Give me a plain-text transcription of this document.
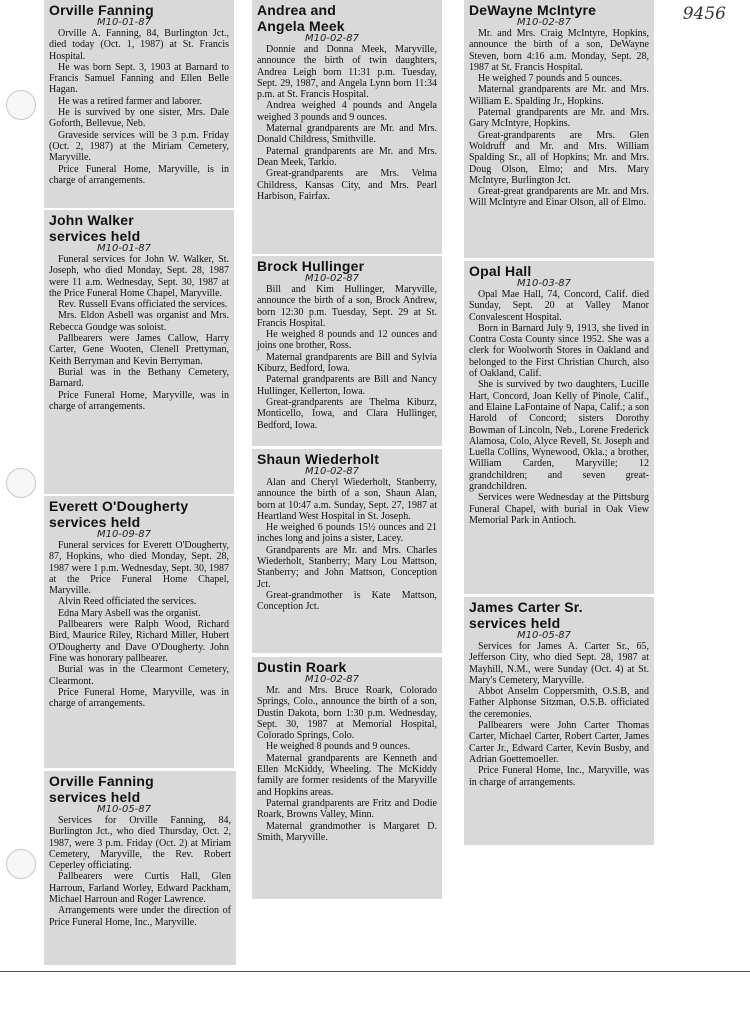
9456
Orville Fanning
M10-01-87

Orville A. Fanning, 84, Burlington Jct., died today (Oct. 1, 1987) at St. Francis Hospital.

He was born Sept. 3, 1903 at Barnard to Francis Samuel Fanning and Ellen Belle Hagan.

He was a retired farmer and laborer.

He is survived by one sister, Mrs. Dale Goforth, Bellevue, Neb.

Graveside services will be 3 p.m. Friday (Oct. 2, 1987) at the Miriam Cemetery, Maryville.

Price Funeral Home, Maryville, is in charge of arrangements.

John Walker
services held
M10-01-87

Funeral services for John W. Walker, St. Joseph, who died Monday, Sept. 28, 1987 were 11 a.m. Wednesday, Sept. 30, 1987 at the Price Funeral Home Chapel, Maryville.

Rev. Russell Evans officiated the services.

Mrs. Eldon Asbell was organist and Mrs. Rebecca Goudge was soloist.

Pallbearers were James Callow, Harry Carter, Gene Wooten, Clenell Prettyman, Keith Berryman and Kevin Berryman.

Burial was in the Bethany Cemetery, Barnard.

Price Funeral Home, Maryville, was in charge of arrangements.

Everett O'Dougherty
services held
M10-09-87

Funeral services for Everett O'Dougherty, 87, Hopkins, who died Monday, Sept. 28, 1987 were 1 p.m. Wednesday, Sept. 30, 1987 at the Price Funeral Home Chapel, Maryville.

Alvin Reed officiated the services.

Edna Mary Asbell was the organist.

Pallbearers were Ralph Wood, Richard Bird, Maurice Riley, Richard Miller, Hubert O'Dougherty and Dave O'Dougherty. John Fine was honorary pallbearer.

Burial was in the Clearmont Cemetery, Clearmont.

Price Funeral Home, Maryville, was in charge of arrangements.

Orville Fanning
services held
M10-05-87

Services for Orville Fanning, 84, Burlington Jct., who died Thursday, Oct. 2, 1987, were 3 p.m. Friday (Oct. 2) at Miriam Cemetery, Maryville, the Rev. Robert Ceperley officiating.

Pallbearers were Curtis Hall, Glen Harroun, Farland Worley, Edward Packham, Michael Harroun and Roger Lawrence.

Arrangements were under the direction of Price Funeral Home, Inc., Maryville.

Andrea and
Angela Meek
M10-02-87

Donnie and Donna Meek, Maryville, announce the birth of twin daughters, Andrea Leigh born 11:31 p.m. Tuesday, Sept. 29, 1987, and Angela Lynn born 11:34 p.m. at St. Francis Hospital.

Andrea weighed 4 pounds and Angela weighed 3 pounds and 9 ounces.

Maternal grandparents are Mr. and Mrs. Donald Childress, Smithville.

Paternal grandparents are Mr. and Mrs. Dean Meek, Tarkio.

Great-grandparents are Mrs. Velma Childress, Kansas City, and Mrs. Pearl Harbison, Fairfax.

Brock Hullinger
M10-02-87

Bill and Kim Hullinger, Maryville, announce the birth of a son, Brock Andrew, born 12:30 p.m. Tuesday, Sept. 29 at St. Francis Hospital.

He weighed 8 pounds and 12 ounces and joins one brother, Ross.

Maternal grandparents are Bill and Sylvia Kiburz, Bedford, Iowa.

Paternal grandparents are Bill and Nancy Hullinger, Kellerton, Iowa.

Great-grandparents are Thelma Kiburz, Monticello, Iowa, and Clara Hullinger, Bedford, Iowa.

Shaun Wiederholt
M10-02-87

Alan and Cheryl Wiederholt, Stanberry, announce the birth of a son, Shaun Alan, born at 10:47 a.m. Sunday, Sept. 27, 1987 at Heartland West Hospital in St. Joseph.

He weighed 6 pounds 15½ ounces and 21 inches long and joins a sister, Lacey.

Grandparents are Mr. and Mrs. Charles Wiederholt, Stanberry; Mary Lou Mattson, Stanberry; and John Mattson, Conception Jct.

Great-grandmother is Kate Mattson, Conception Jct.

Dustin Roark
M10-02-87

Mr. and Mrs. Bruce Roark, Colorado Springs, Colo., announce the birth of a son, Dustin Dakota, born 1:30 p.m. Wednesday, Sept. 30, 1987 at Memorial Hospital, Colorado Springs, Colo.

He weighed 8 pounds and 9 ounces.

Maternal grandparents are Kenneth and Ellen McKiddy, Wheeling. The McKiddy family are former residents of the Maryville and Hopkins areas.

Paternal grandparents are Fritz and Dodie Roark, Browns Valley, Minn.

Maternal grandmother is Margaret D. Smith, Maryville.

DeWayne McIntyre
M10-02-87

Mr. and Mrs. Craig McIntyre, Hopkins, announce the birth of a son, DeWayne Steven, born 4:16 a.m. Monday, Sept. 28, 1987 at St. Francis Hospital.

He weighed 7 pounds and 5 ounces.

Maternal grandparents are Mr. and Mrs. William E. Spalding Jr., Hopkins.

Paternal grandparents are Mr. and Mrs. Gary McIntyre, Hopkins.

Great-grandparents are Mrs. Glen Woldruff and Mr. and Mrs. William Spalding Sr., all of Hopkins; Mr. and Mrs. Doug Olson, Elmo; and Mrs. Mary McIntyre, Burlington Jct.

Great-great grandparents are Mr. and Mrs. Will McIntyre and Einar Olson, all of Elmo.

Opal Hall
M10-03-87

Opal Mae Hall, 74, Concord, Calif. died Sunday, Sept. 20 at Valley Manor Convalescent Hospital.

Born in Barnard July 9, 1913, she lived in Contra Costa County since 1952. She was a clerk for Woolworth Stores in Oakland and belonged to the First Christian Church, also of Oakland, Calif.

She is survived by two daughters, Lucille Hart, Concord, Joan Kelly of Pinole, Calif., and Elaine LaFontaine of Napa, Calif.; a son Harold of Concord; sisters Dorothy Bowman of Lincoln, Neb., Lorene Frederick Alamosa, Colo, Alyce Revell, St. Joseph and Luella Collins, Wynewood, Okla.; a brother, William Carden, Maryville; 12 grandchildren; and seven great-grandchildren.

Services were Wednesday at the Pittsburg Funeral Chapel, with burial in Oak View Memorial Park in Antioch.

James Carter Sr.
services held
M10-05-87

Services for James A. Carter Sr., 65, Jefferson City, who died Sept. 28, 1987 at Mayhill, N.M., were Sunday (Oct. 4) at St. Mary's Cemetery, Maryville.

Abbot Anselm Coppersmith, O.S.B, and Father Alphonse Sitzman, O.S.B. officiated the ceremonies.

Pallbearers were John Carter Thomas Carter, Michael Carter, Robert Carter, James Carter Jr., Edward Carter, Kevin Busby, and Adrian Goettemoeller.

Price Funeral Home, Inc., Maryville, was in charge of arrangements.
